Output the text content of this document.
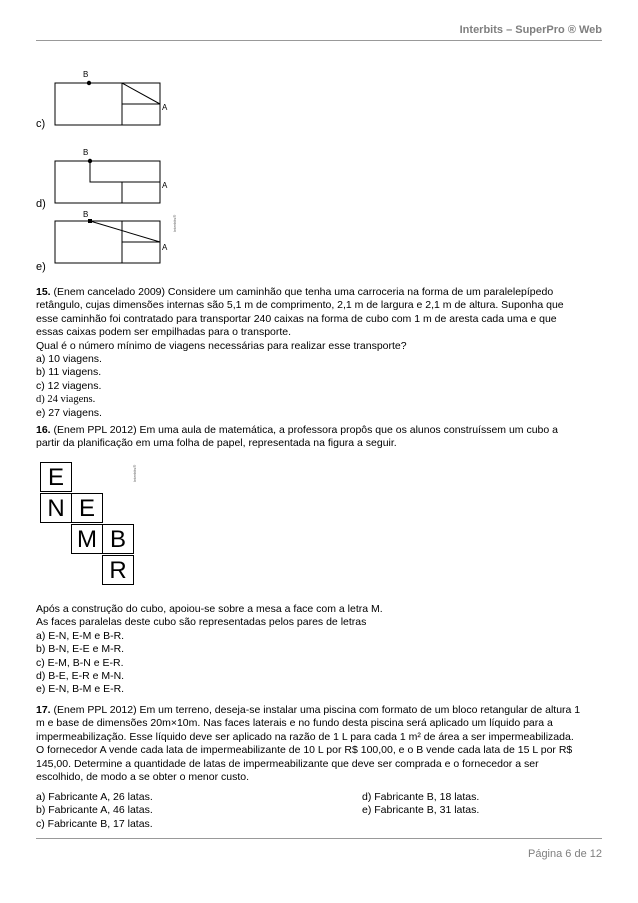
Interbits – SuperPro ® Web
B
A
c)
B
A
d)
B
A
Interbits®
e)
15. (Enem cancelado 2009) Considere um caminhão que tenha uma carroceria na forma de um paralelepípedo
retângulo, cujas dimensões internas são 5,1 m de comprimento, 2,1 m de largura e 2,1 m de altura. Suponha que
esse caminhão foi contratado para transportar 240 caixas na forma de cubo com 1 m de aresta cada uma e que
essas caixas podem ser empilhadas para o transporte.
Qual é o número mínimo de viagens necessárias para realizar esse transporte?
a) 10 viagens.
b) 11 viagens.
c) 12 viagens.
d) 24 viagens.
e) 27 viagens.
16. (Enem PPL 2012) Em uma aula de matemática, a professora propôs que os alunos construíssem um cubo a
partir da planificação em uma folha de papel, representada na figura a seguir.
E
N E
M B
R
Interbits®
Após a construção do cubo, apoiou-se sobre a mesa a face com a letra M.
As faces paralelas deste cubo são representadas pelos pares de letras
a) E-N, E-M e B-R.
b) B-N, E-E e M-R.
c) E-M, B-N e E-R.
d) B-E, E-R e M-N.
e) E-N, B-M e E-R.
17. (Enem PPL 2012) Em um terreno, deseja-se instalar uma piscina com formato de um bloco retangular de altura 1
m e base de dimensões 20m×10m. Nas faces laterais e no fundo desta piscina será aplicado um líquido para a
impermeabilização. Esse líquido deve ser aplicado na razão de 1 L para cada 1 m² de área a ser impermeabilizada.
O fornecedor A vende cada lata de impermeabilizante de 10 L por R$ 100,00, e o B vende cada lata de 15 L por R$
145,00. Determine a quantidade de latas de impermeabilizante que deve ser comprada e o fornecedor a ser
escolhido, de modo a se obter o menor custo.
a) Fabricante A, 26 latas.
b) Fabricante A, 46 latas.
c) Fabricante B, 17 latas.
d) Fabricante B, 18 latas.
e) Fabricante B, 31 latas.
Página 6 de 12
